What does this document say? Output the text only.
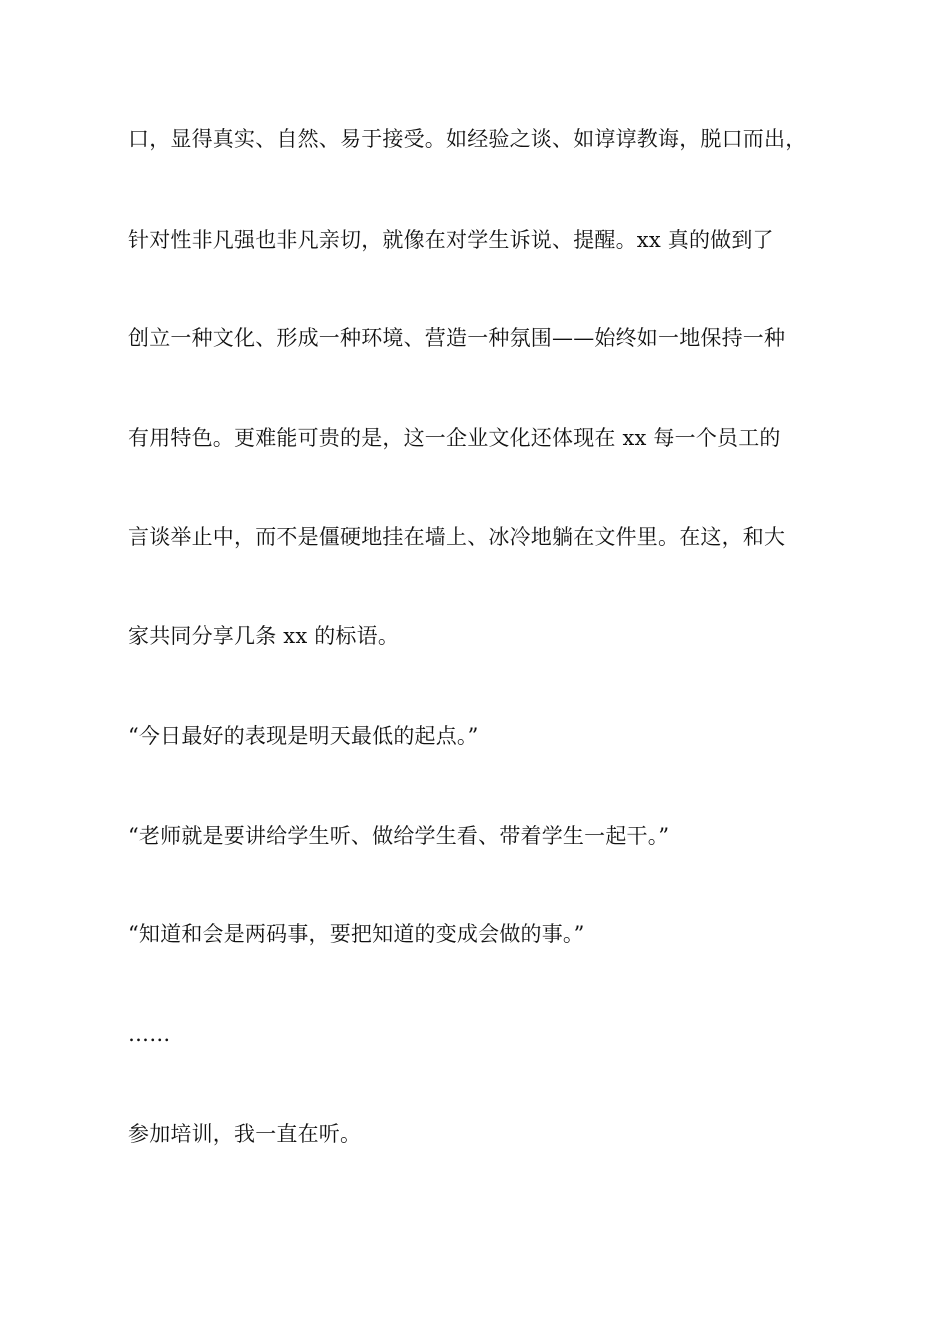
口，显得真实、自然、易于接受。如经验之谈、如谆谆教诲，脱口而出，
针对性非凡强也非凡亲切，就像在对学生诉说、提醒。xx 真的做到了
创立一种文化、形成一种环境、营造一种氛围——始终如一地保持一种
有用特色。更难能可贵的是，这一企业文化还体现在 xx 每一个员工的
言谈举止中，而不是僵硬地挂在墙上、冰冷地躺在文件里。在这，和大
家共同分享几条 xx 的标语。
“今日最好的表现是明天最低的起点。”
“老师就是要讲给学生听、做给学生看、带着学生一起干。”
“知道和会是两码事，要把知道的变成会做的事。”
……
参加培训，我一直在听。
